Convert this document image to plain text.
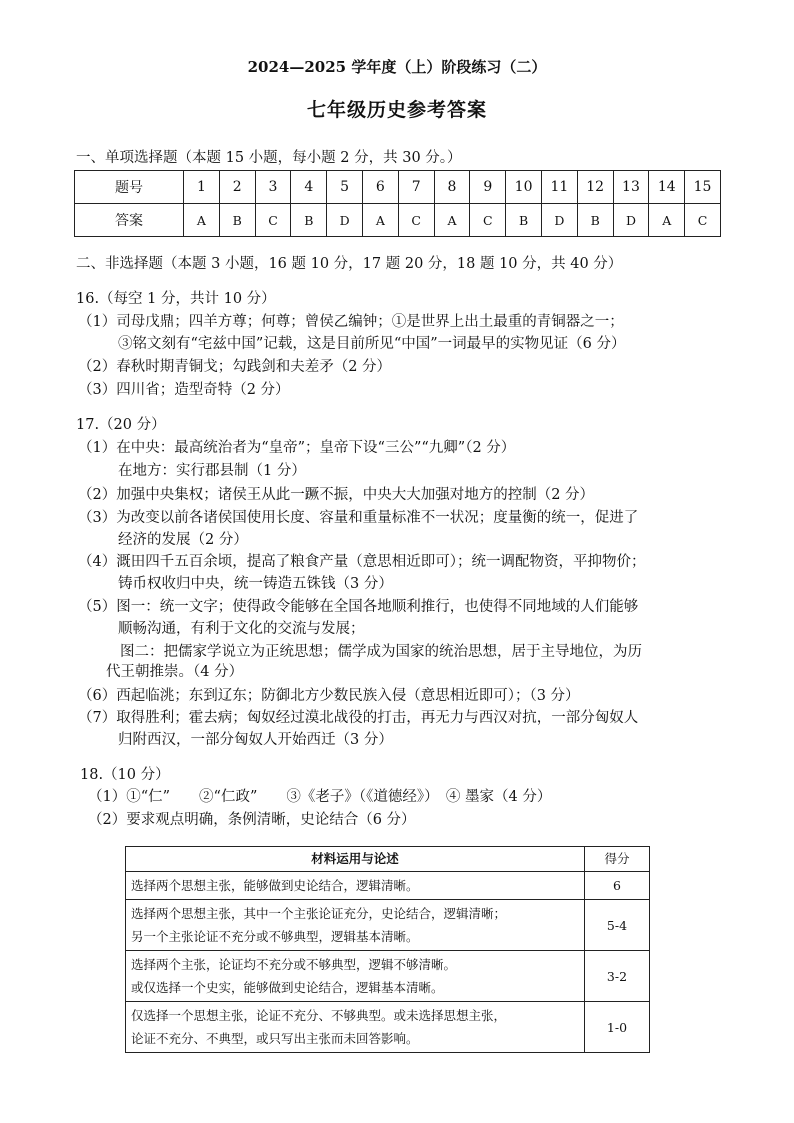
2024—2025 学年度（上）阶段练习（二）
七年级历史参考答案
一、单项选择题（本题 15 小题，每小题 2 分，共 30 分。）
题号	1	2	3	4	5	6	7	8	9	10	11	12	13	14	15
答案	A	B	C	B	D	A	C	A	C	B	D	B	D	A	C
二、非选择题（本题 3 小题，16 题 10 分，17 题 20 分，18 题 10 分，共 40 分）
16.（每空 1 分，共计 10 分）
（1）司母戊鼎；四羊方尊；何尊；曾侯乙编钟；①是世界上出土最重的青铜器之一；
③铭文刻有“宅兹中国”记载，这是目前所见“中国”一词最早的实物见证（6 分）
（2）春秋时期青铜戈；勾践剑和夫差矛（2 分）
（3）四川省；造型奇特（2 分）
17.（20 分）
（1）在中央：最高统治者为“皇帝”；皇帝下设“三公”“九卿”（2 分）
在地方：实行郡县制（1 分）
（2）加强中央集权；诸侯王从此一蹶不振，中央大大加强对地方的控制（2 分）
（3）为改变以前各诸侯国使用长度、容量和重量标准不一状况；度量衡的统一，促进了
经济的发展（2 分）
（4）溉田四千五百余顷，提高了粮食产量（意思相近即可）；统一调配物资，平抑物价；
铸币权收归中央，统一铸造五铢钱（3 分）
（5）图一：统一文字；使得政令能够在全国各地顺利推行，也使得不同地域的人们能够
顺畅沟通，有利于文化的交流与发展；
图二：把儒家学说立为正统思想；儒学成为国家的统治思想，居于主导地位，为历
代王朝推崇。（4 分）
（6）西起临洮；东到辽东；防御北方少数民族入侵（意思相近即可）；（3 分）
（7）取得胜利；霍去病；匈奴经过漠北战役的打击，再无力与西汉对抗，一部分匈奴人
归附西汉，一部分匈奴人开始西迁（3 分）
18.（10 分）
（1）①“仁”　　②“仁政”　　③《老子》（《道德经》）　④ 墨家（4 分）
（2）要求观点明确，条例清晰，史论结合（6 分）
材料运用与论述	得分

选择两个思想主张，能够做到史论结合，逻辑清晰。	6

选择两个思想主张，其中一个主张论证充分，史论结合，逻辑清晰；
另一个主张论证不充分或不够典型，逻辑基本清晰。	5-4

选择两个主张，论证均不充分或不够典型，逻辑不够清晰。
或仅选择一个史实，能够做到史论结合，逻辑基本清晰。	3-2

仅选择一个思想主张，论证不充分、不够典型。或未选择思想主张，
论证不充分、不典型，或只写出主张而未回答影响。	1-0
